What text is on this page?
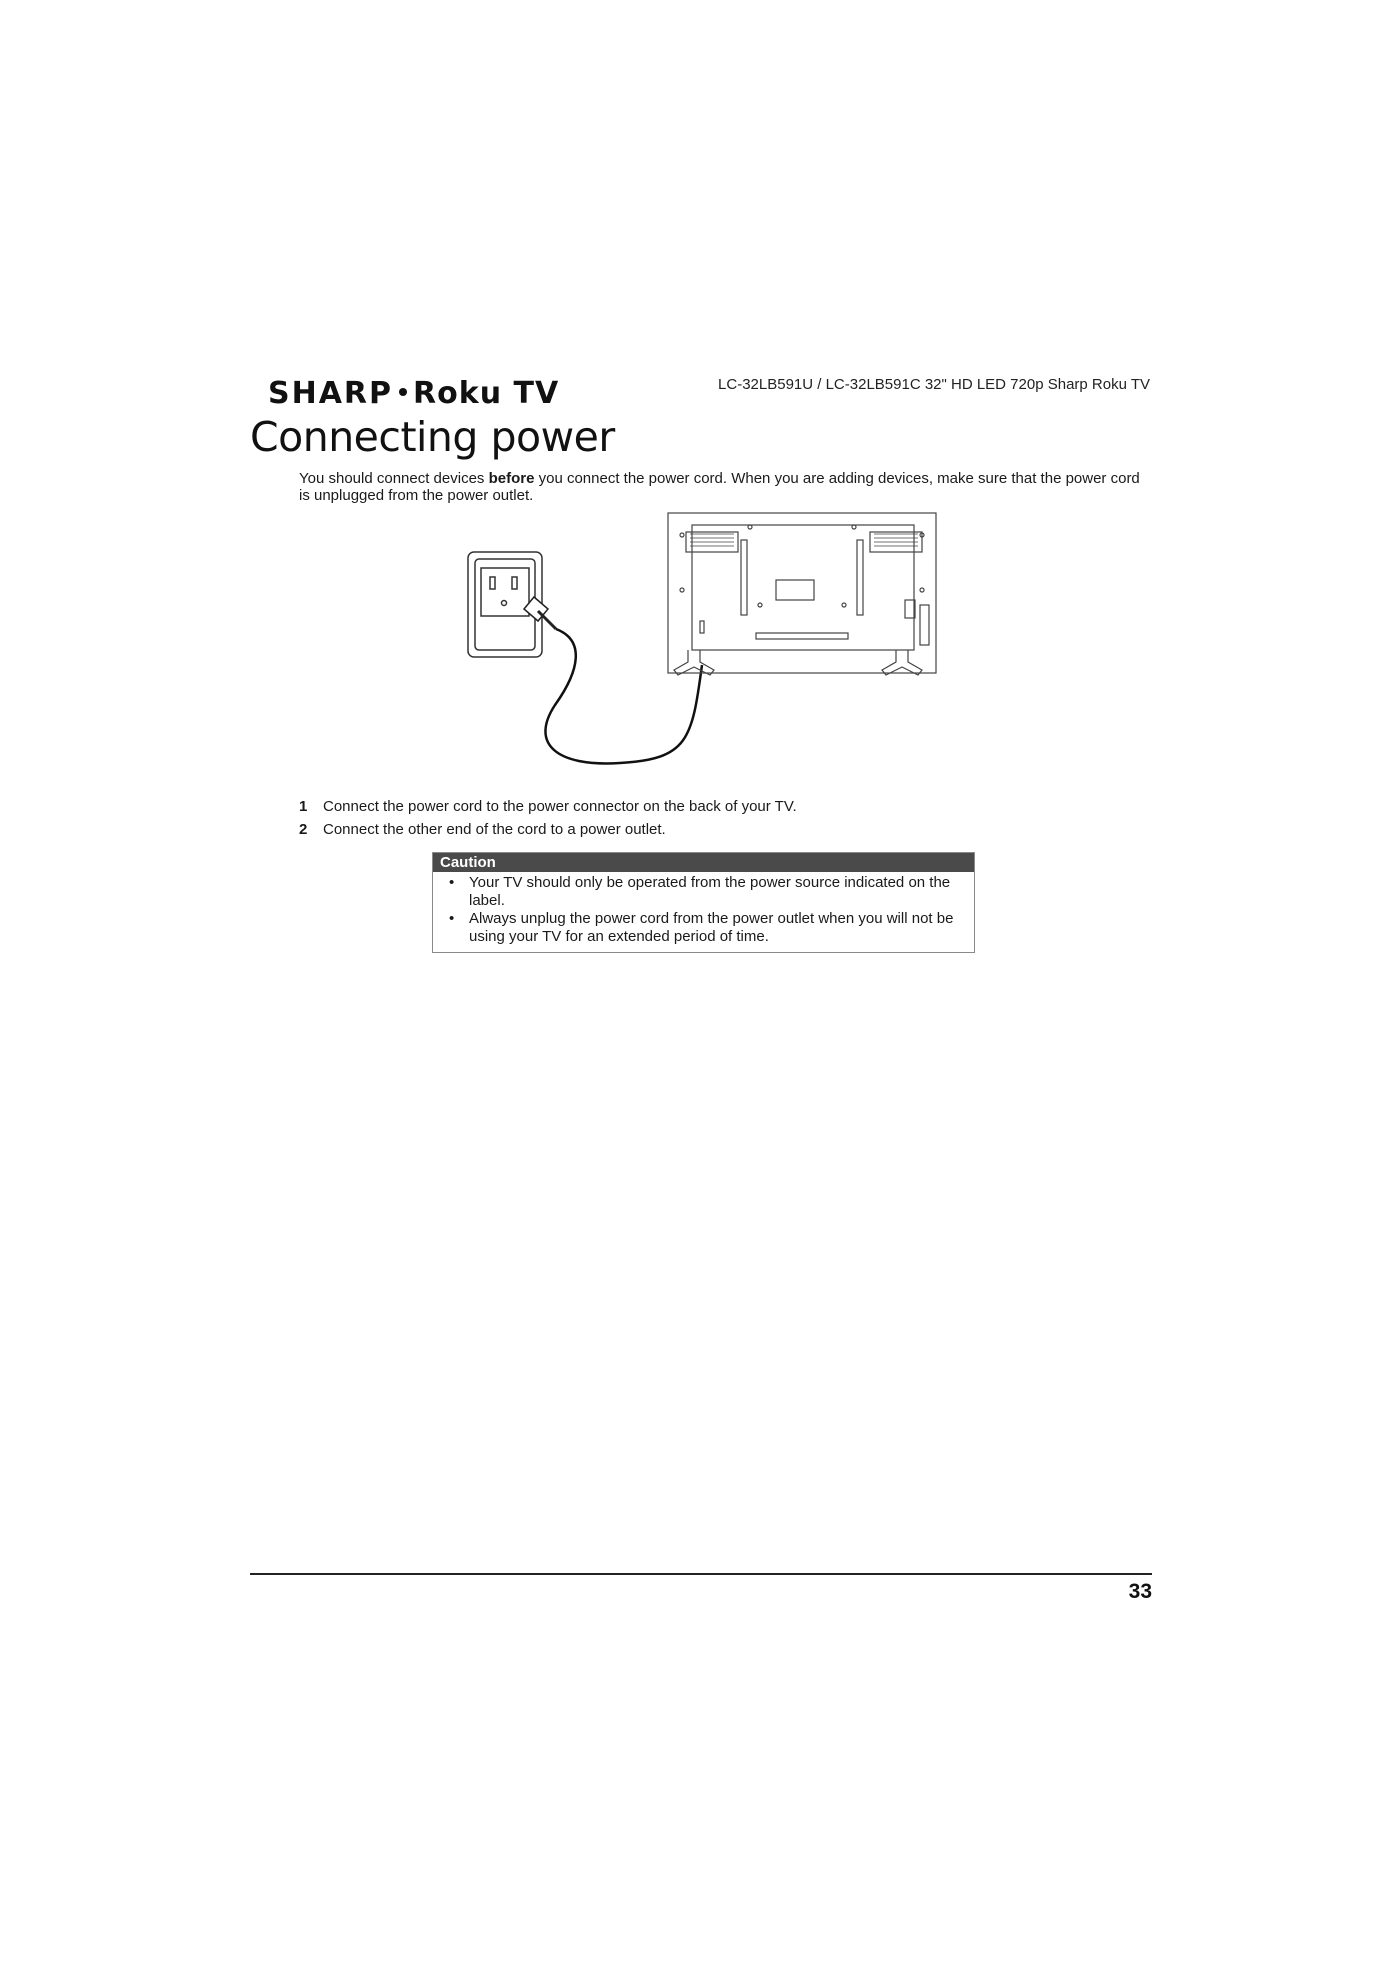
SHARP Roku TV	LC-32LB591U / LC-32LB591C 32" HD LED 720p Sharp Roku TV
Connecting power

You should connect devices before you connect the power cord. When you are adding devices, make sure that the power cord is unplugged from the power outlet.

1 Connect the power cord to the power connector on the back of your TV.
2 Connect the other end of the cord to a power outlet.
Caution
• Your TV should only be operated from the power source indicated on the label.
• Always unplug the power cord from the power outlet when you will not be using your TV for an extended period of time.
33
